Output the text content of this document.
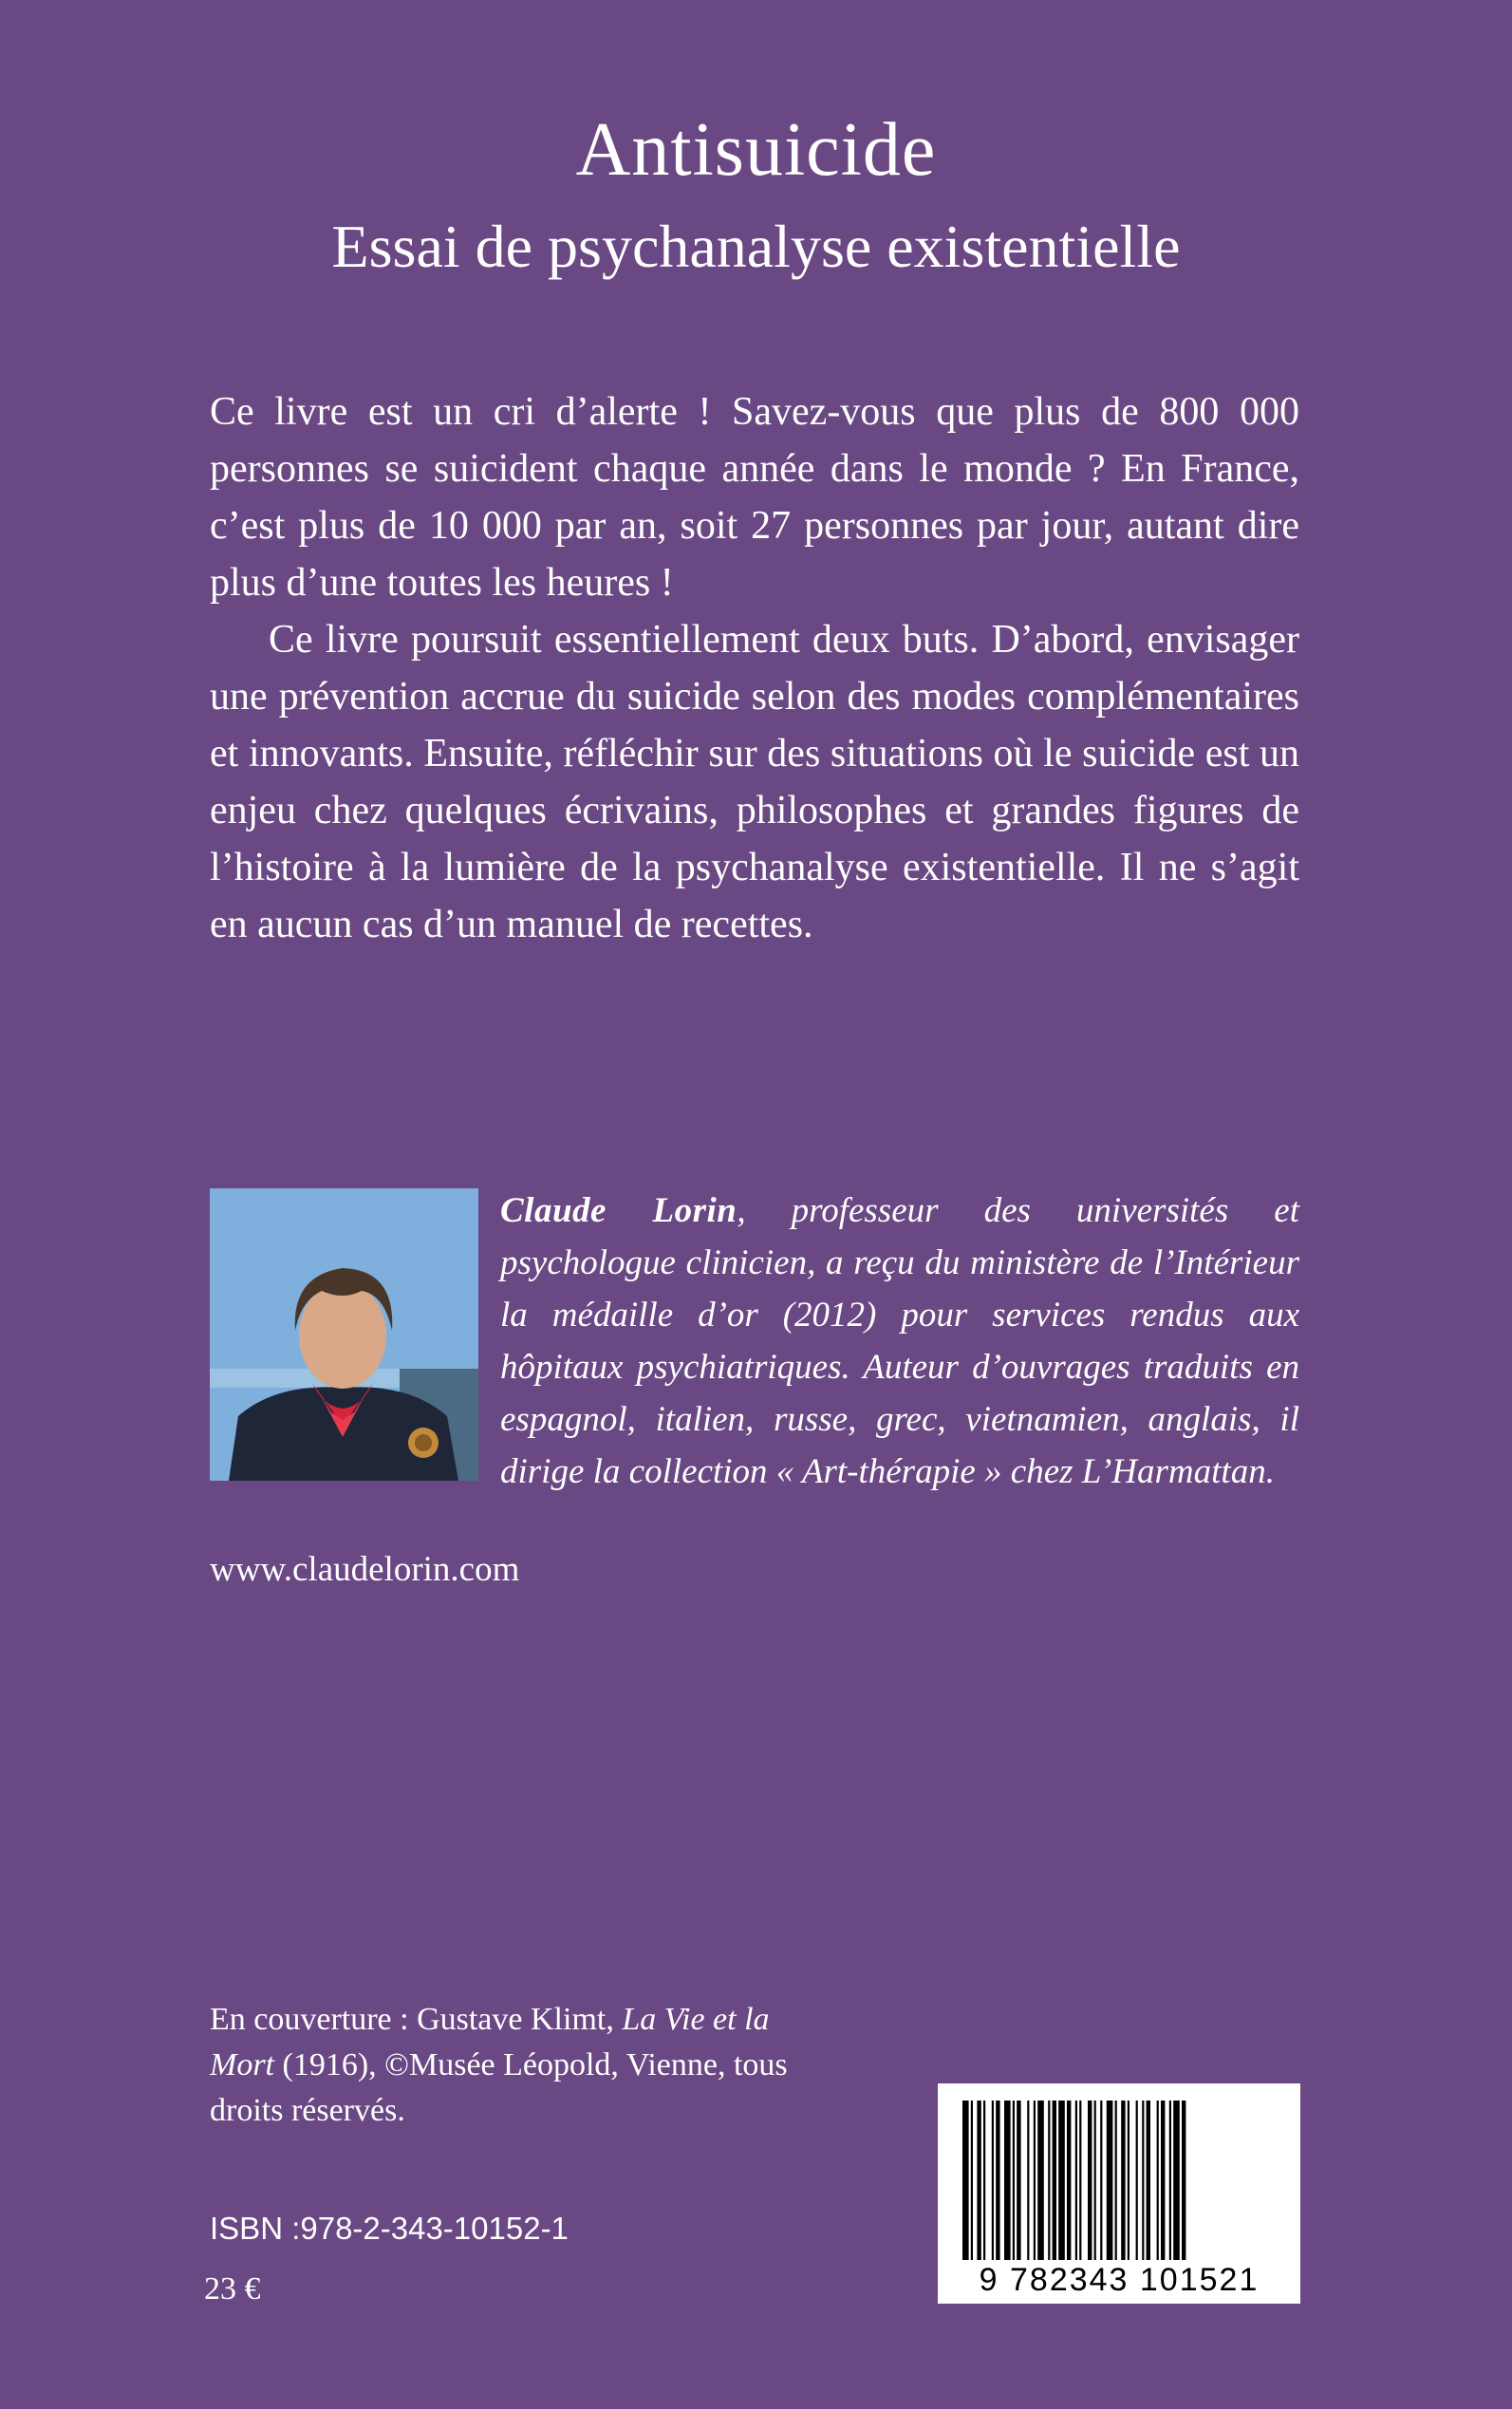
Antisuicide
Essai de psychanalyse existentielle

Ce livre est un cri d’alerte ! Savez-vous que plus de 800 000 personnes se suicident chaque année dans le monde ? En France, c’est plus de 10 000 par an, soit 27 personnes par jour, autant dire plus d’une toutes les heures !

Ce livre poursuit essentiellement deux buts. D’abord, envisager une prévention accrue du suicide selon des modes complémentaires et innovants. Ensuite, réfléchir sur des situations où le suicide est un enjeu chez quelques écrivains, philosophes et grandes figures de l’histoire à la lumière de la psychanalyse existentielle. Il ne s’agit en aucun cas d’un manuel de recettes.

Claude Lorin, professeur des universités et psychologue clinicien, a reçu du ministère de l’Intérieur la médaille d’or (2012) pour services rendus aux hôpitaux psychiatriques. Auteur d’ouvrages traduits en espagnol, italien, russe, grec, vietnamien, anglais, il dirige la collection « Art-thérapie » chez L’Harmattan.
www.claudelorin.com
En couverture : Gustave Klimt, La Vie et la Mort (1916), ©Musée Léopold, Vienne, tous droits réservés.
ISBN :978-2-343-10152-1
23 €	9 782343 101521
